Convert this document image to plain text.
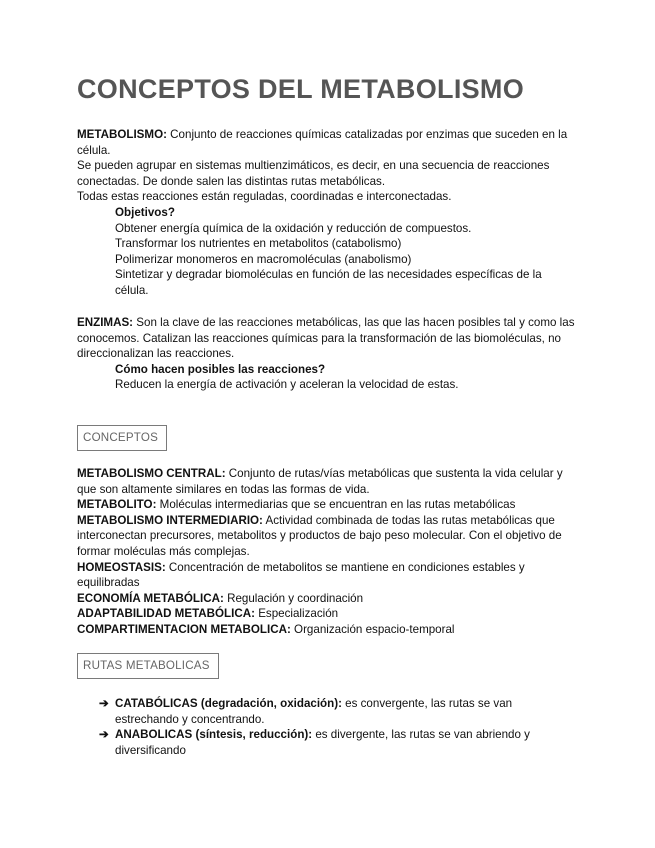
CONCEPTOS DEL METABOLISMO

METABOLISMO: Conjunto de reacciones químicas catalizadas por enzimas que suceden en la célula.

Se pueden agrupar en sistemas multienzimáticos, es decir, en una secuencia de reacciones conectadas. De donde salen las distintas rutas metabólicas.

Todas estas reacciones están reguladas, coordinadas e interconectadas.

Objetivos?

Obtener energía química de la oxidación y reducción de compuestos.

Transformar los nutrientes en metabolitos (catabolismo)

Polimerizar monomeros en macromoléculas (anabolismo)

Sintetizar y degradar biomoléculas en función de las necesidades específicas de la célula.

ENZIMAS: Son la clave de las reacciones metabólicas, las que las hacen posibles tal y como las conocemos. Catalizan las reacciones químicas para la transformación de las biomoléculas, no direccionalizan las reacciones.

Cómo hacen posibles las reacciones?

Reducen la energía de activación y aceleran la velocidad de estas.

CONCEPTOS

METABOLISMO CENTRAL: Conjunto de rutas/vías metabólicas que sustenta la vida celular y que son altamente similares en todas las formas de vida.

METABOLITO: Moléculas intermediarias que se encuentran en las rutas metabólicas

METABOLISMO INTERMEDIARIO: Actividad combinada de todas las rutas metabólicas que interconectan precursores, metabolitos y productos de bajo peso molecular. Con el objetivo de formar moléculas más complejas.

HOMEOSTASIS: Concentración de metabolitos se mantiene en condiciones estables y equilibradas

ECONOMÍA METABÓLICA: Regulación y coordinación

ADAPTABILIDAD METABÓLICA: Especialización

COMPARTIMENTACION METABOLICA: Organización espacio-temporal

RUTAS METABOLICAS
➔ CATABÓLICAS (degradación, oxidación): es convergente, las rutas se van estrechando y concentrando.
➔ ANABOLICAS (síntesis, reducción): es divergente, las rutas se van abriendo y diversificando
